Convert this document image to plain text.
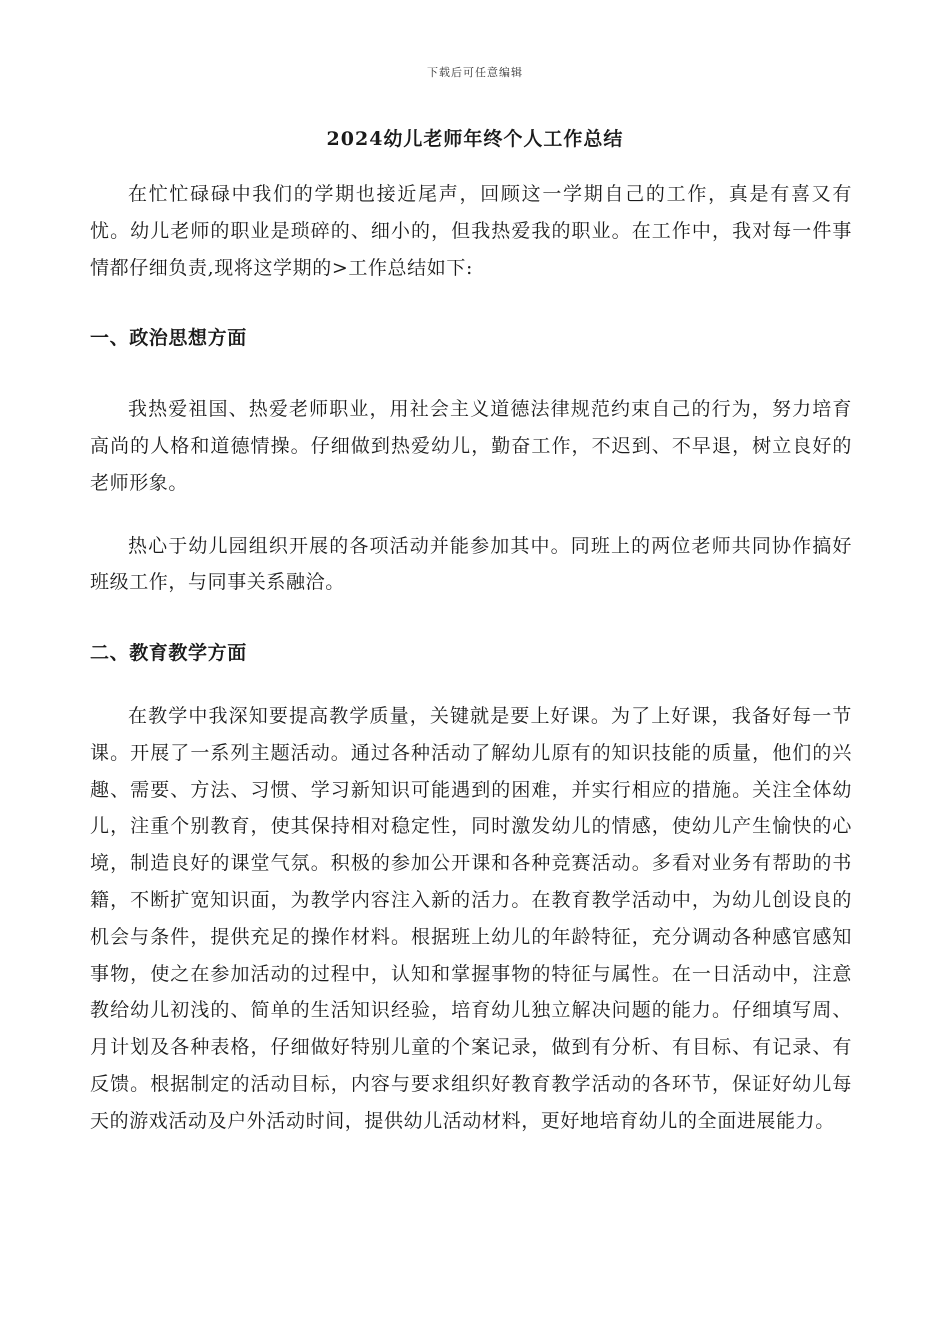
下载后可任意编辑
2024幼儿老师年终个人工作总结

在忙忙碌碌中我们的学期也接近尾声，回顾这一学期自己的工作，真是有喜又有忧。幼儿老师的职业是琐碎的、细小的，但我热爱我的职业。在工作中，我对每一件事情都仔细负责,现将这学期的>工作总结如下:

一、政治思想方面

我热爱祖国、热爱老师职业，用社会主义道德法律规范约束自己的行为，努力培育高尚的人格和道德情操。仔细做到热爱幼儿，勤奋工作，不迟到、不早退，树立良好的老师形象。

热心于幼儿园组织开展的各项活动并能参加其中。同班上的两位老师共同协作搞好班级工作，与同事关系融洽。

二、教育教学方面

在教学中我深知要提高教学质量，关键就是要上好课。为了上好课，我备好每一节课。开展了一系列主题活动。通过各种活动了解幼儿原有的知识技能的质量，他们的兴趣、需要、方法、习惯、学习新知识可能遇到的困难，并实行相应的措施。关注全体幼儿，注重个别教育，使其保持相对稳定性，同时激发幼儿的情感，使幼儿产生愉快的心境，制造良好的课堂气氛。积极的参加公开课和各种竞赛活动。多看对业务有帮助的书籍，不断扩宽知识面，为教学内容注入新的活力。在教育教学活动中，为幼儿创设良的机会与条件，提供充足的操作材料。根据班上幼儿的年龄特征，充分调动各种感官感知事物，使之在参加活动的过程中，认知和掌握事物的特征与属性。在一日活动中，注意教给幼儿初浅的、简单的生活知识经验，培育幼儿独立解决问题的能力。仔细填写周、月计划及各种表格，仔细做好特别儿童的个案记录，做到有分析、有目标、有记录、有反馈。根据制定的活动目标，内容与要求组织好教育教学活动的各环节，保证好幼儿每天的游戏活动及户外活动时间，提供幼儿活动材料，更好地培育幼儿的全面进展能力。
